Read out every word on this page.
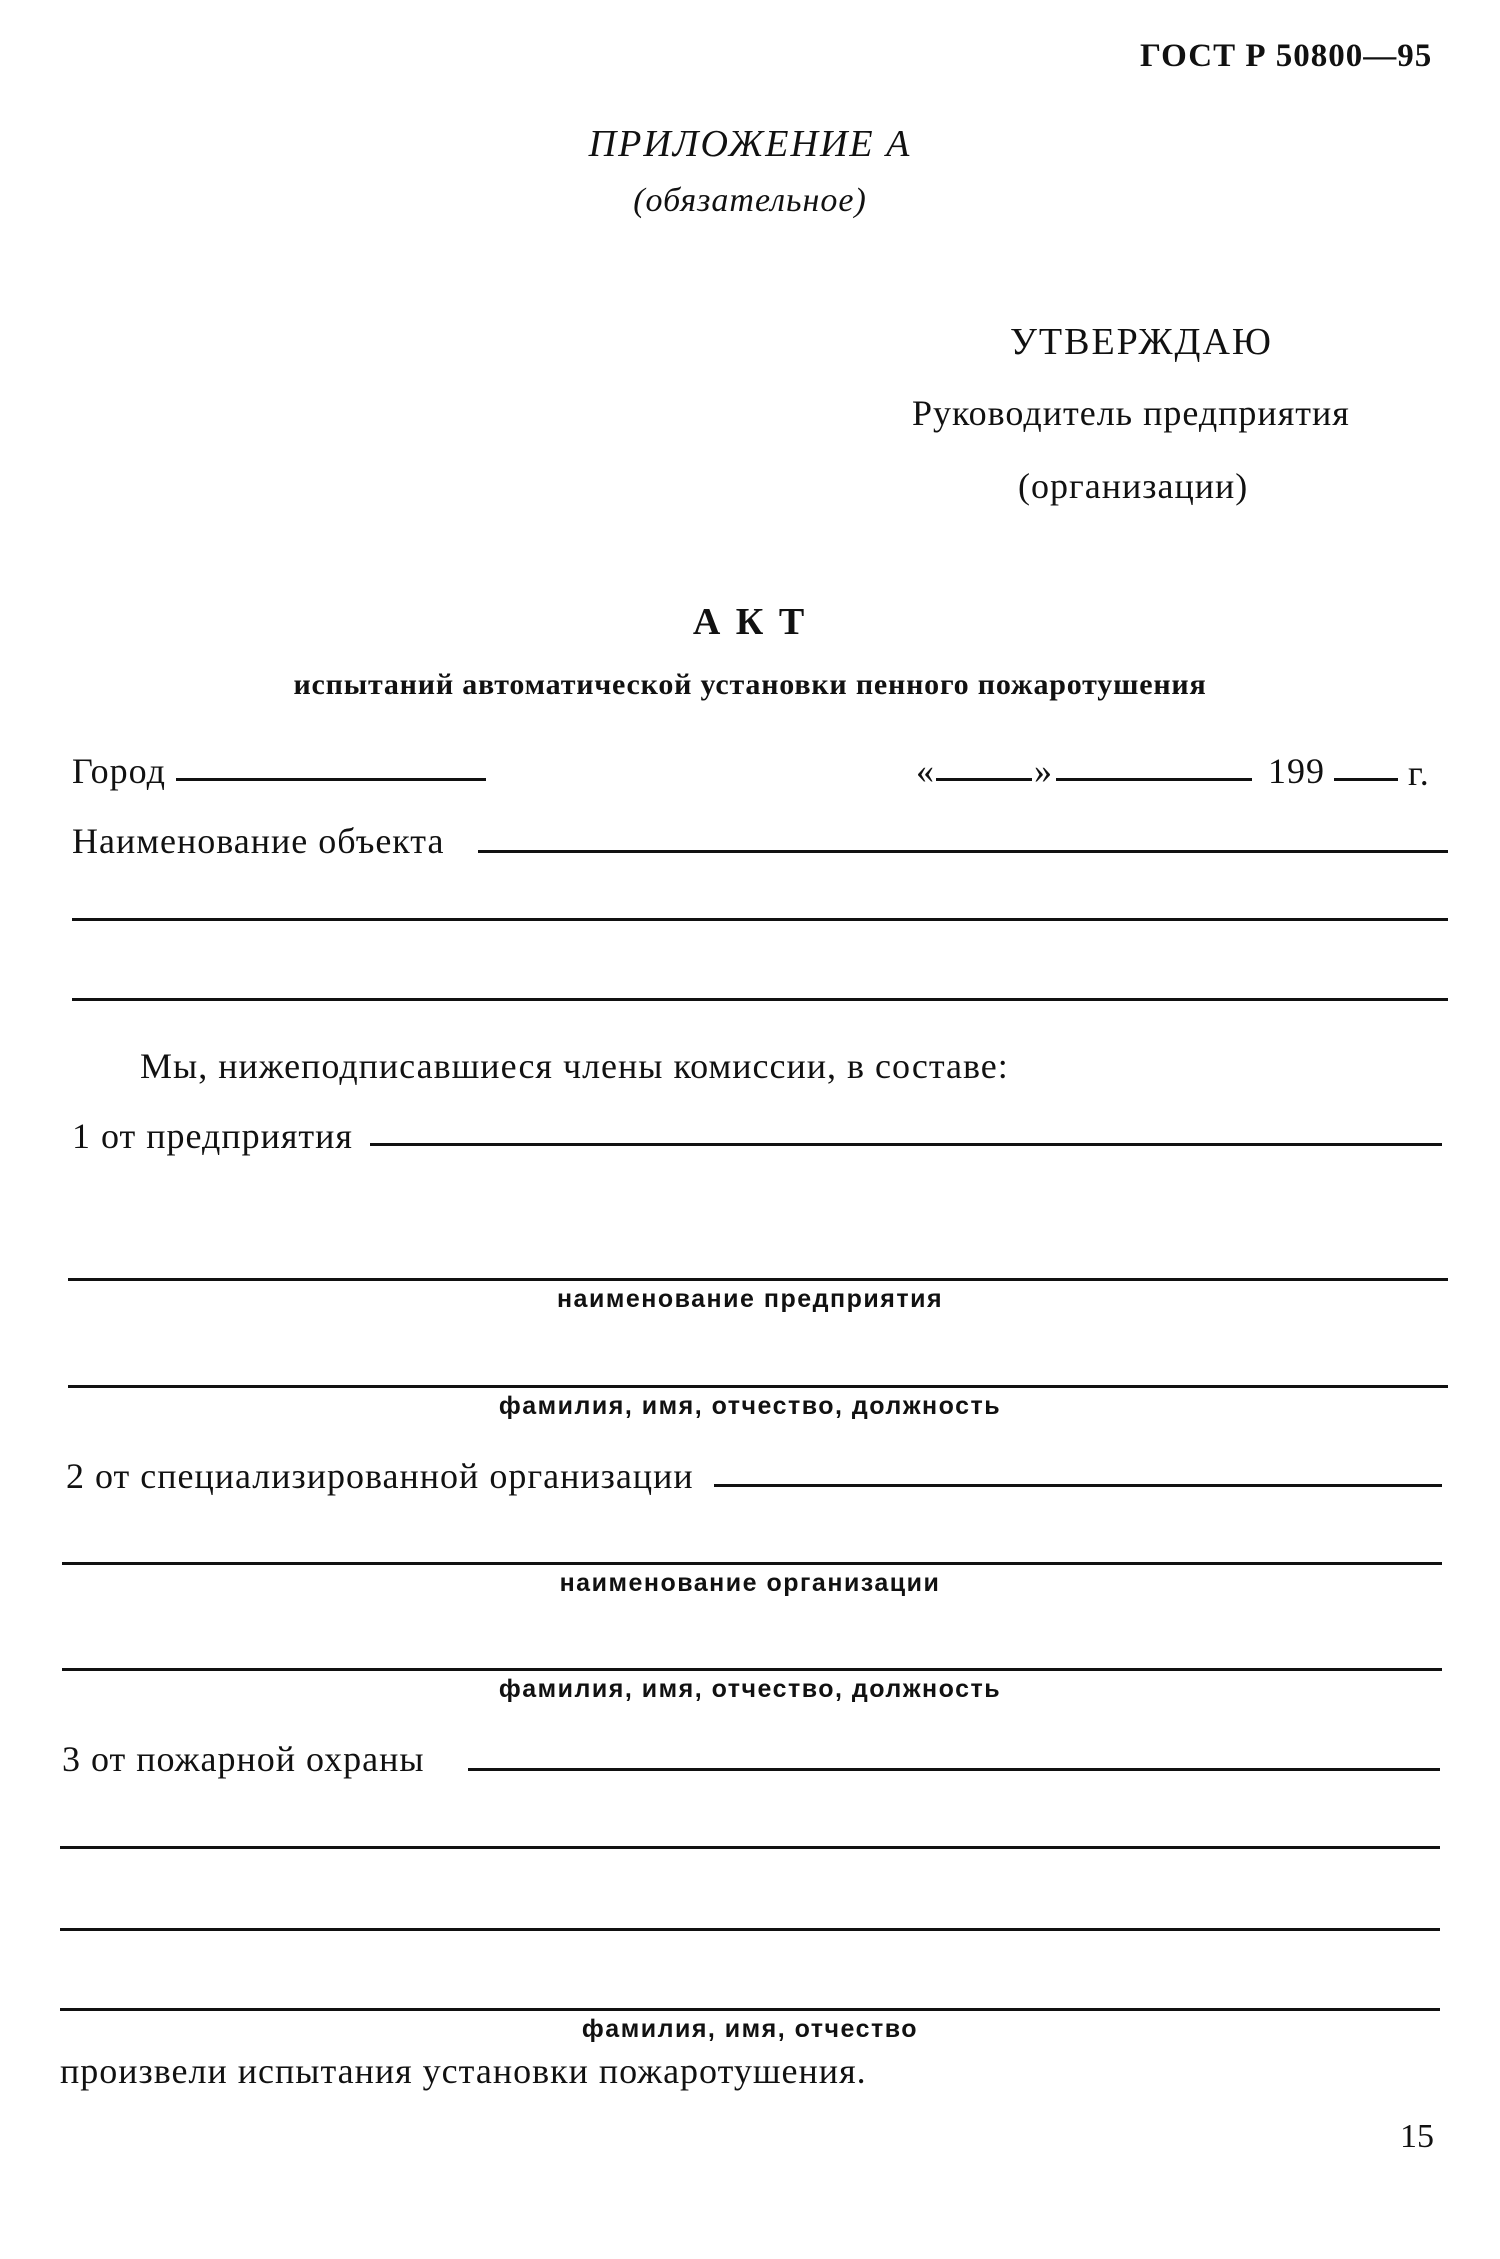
ГОСТ Р 50800—95
ПРИЛОЖЕНИЕ А
(обязательное)
УТВЕРЖДАЮ
Руководитель предприятия
(организации)
А К Т
испытаний автоматической установки пенного пожаротушения
Город	«	»	199 г.
Наименование объекта
Мы, нижеподписавшиеся члены комиссии, в составе:
1 от предприятия
наименование предприятия
фамилия, имя, отчество, должность
2 от специализированной организации
наименование организации
фамилия, имя, отчество, должность
3 от пожарной охраны
фамилия, имя, отчество
произвели испытания установки пожаротушения.
15
